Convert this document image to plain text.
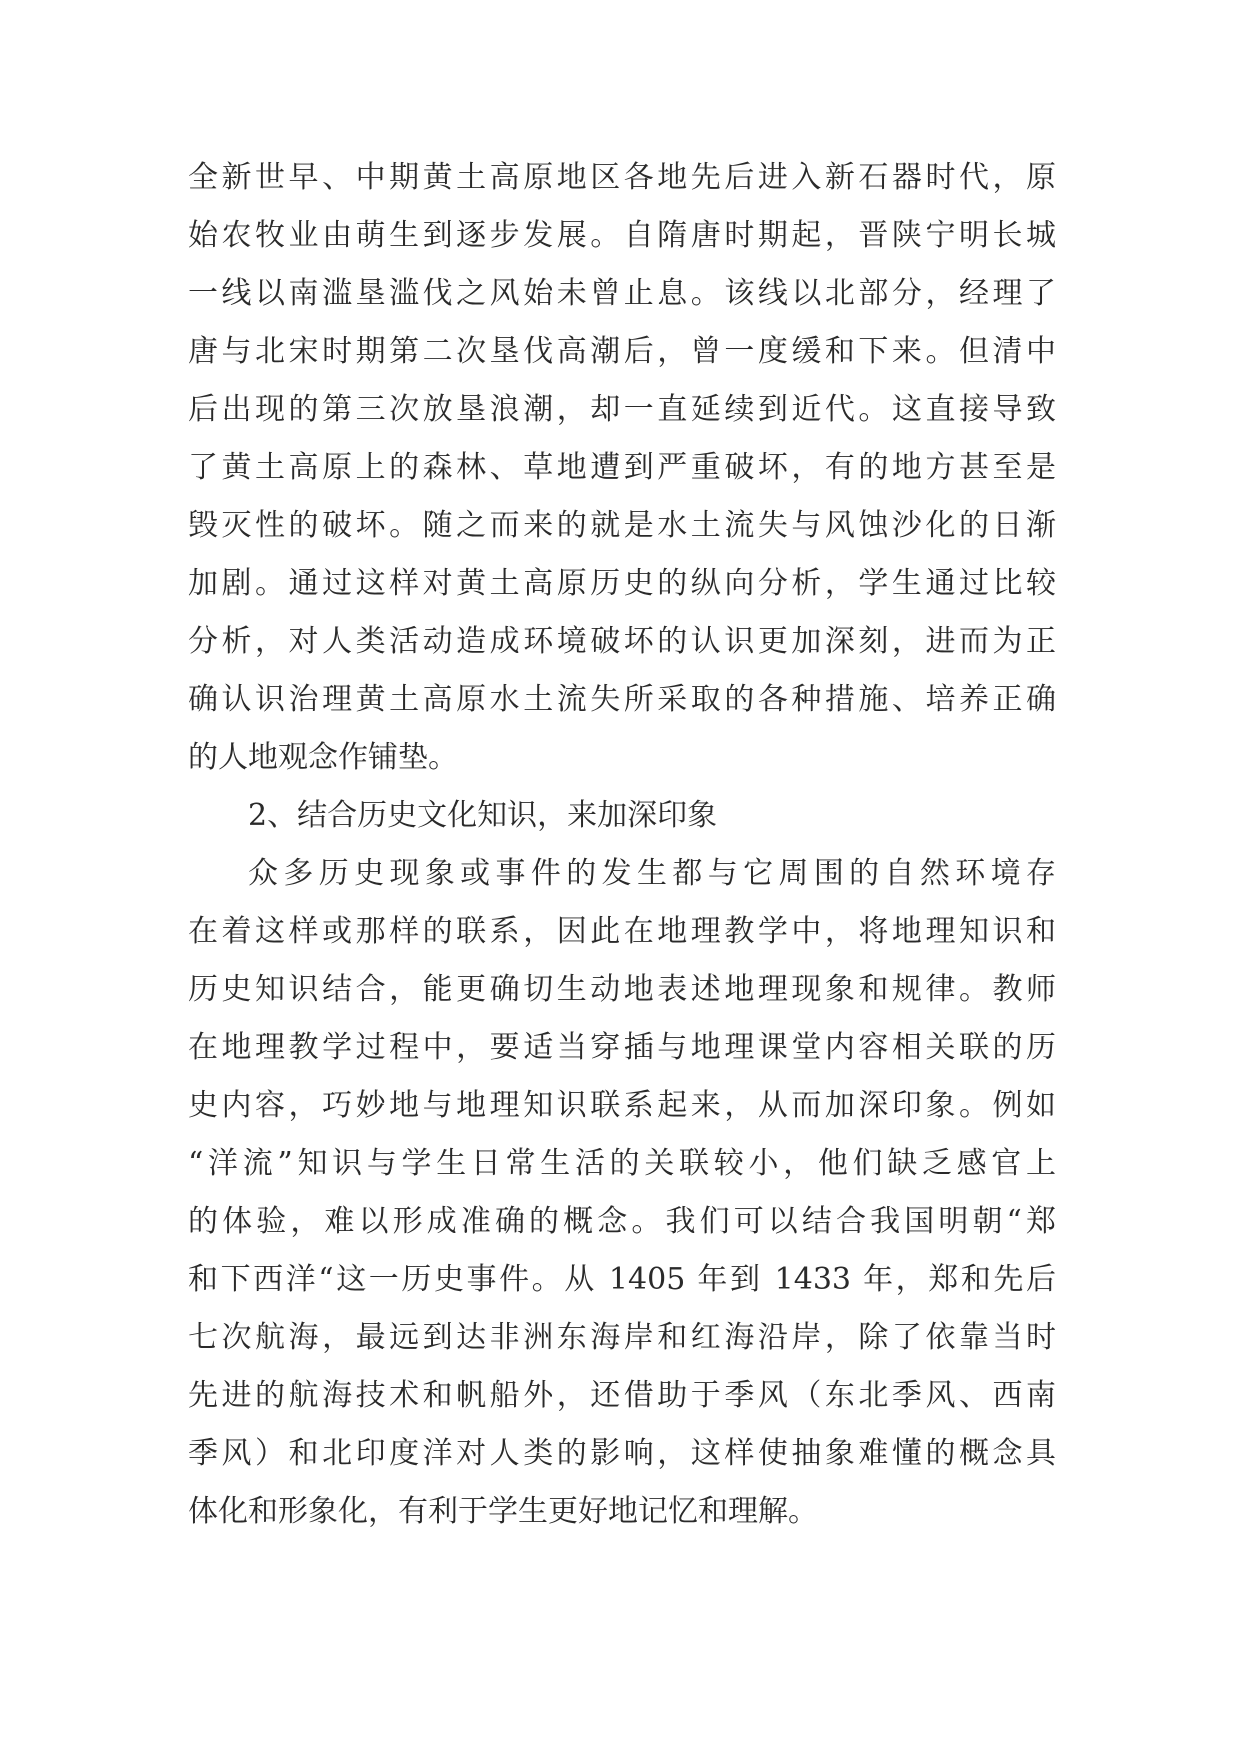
全新世早、中期黄土高原地区各地先后进入新石器时代，原
始农牧业由萌生到逐步发展。自隋唐时期起，晋陕宁明长城
一线以南滥垦滥伐之风始未曾止息。该线以北部分，经理了
唐与北宋时期第二次垦伐高潮后，曾一度缓和下来。但清中
后出现的第三次放垦浪潮，却一直延续到近代。这直接导致
了黄土高原上的森林、草地遭到严重破坏，有的地方甚至是
毁灭性的破坏。随之而来的就是水土流失与风蚀沙化的日渐
加剧。通过这样对黄土高原历史的纵向分析，学生通过比较
分析，对人类活动造成环境破坏的认识更加深刻，进而为正
确认识治理黄土高原水土流失所采取的各种措施、培养正确
的人地观念作铺垫。
2、结合历史文化知识，来加深印象
众多历史现象或事件的发生都与它周围的自然环境存
在着这样或那样的联系，因此在地理教学中，将地理知识和
历史知识结合，能更确切生动地表述地理现象和规律。教师
在地理教学过程中，要适当穿插与地理课堂内容相关联的历
史内容，巧妙地与地理知识联系起来，从而加深印象。例如
“洋流”知识与学生日常生活的关联较小，他们缺乏感官上
的体验，难以形成准确的概念。我们可以结合我国明朝“郑
和下西洋“这一历史事件。从 1405 年到 1433 年，郑和先后
七次航海，最远到达非洲东海岸和红海沿岸，除了依靠当时
先进的航海技术和帆船外，还借助于季风（东北季风、西南
季风）和北印度洋对人类的影响，这样使抽象难懂的概念具
体化和形象化，有利于学生更好地记忆和理解。
